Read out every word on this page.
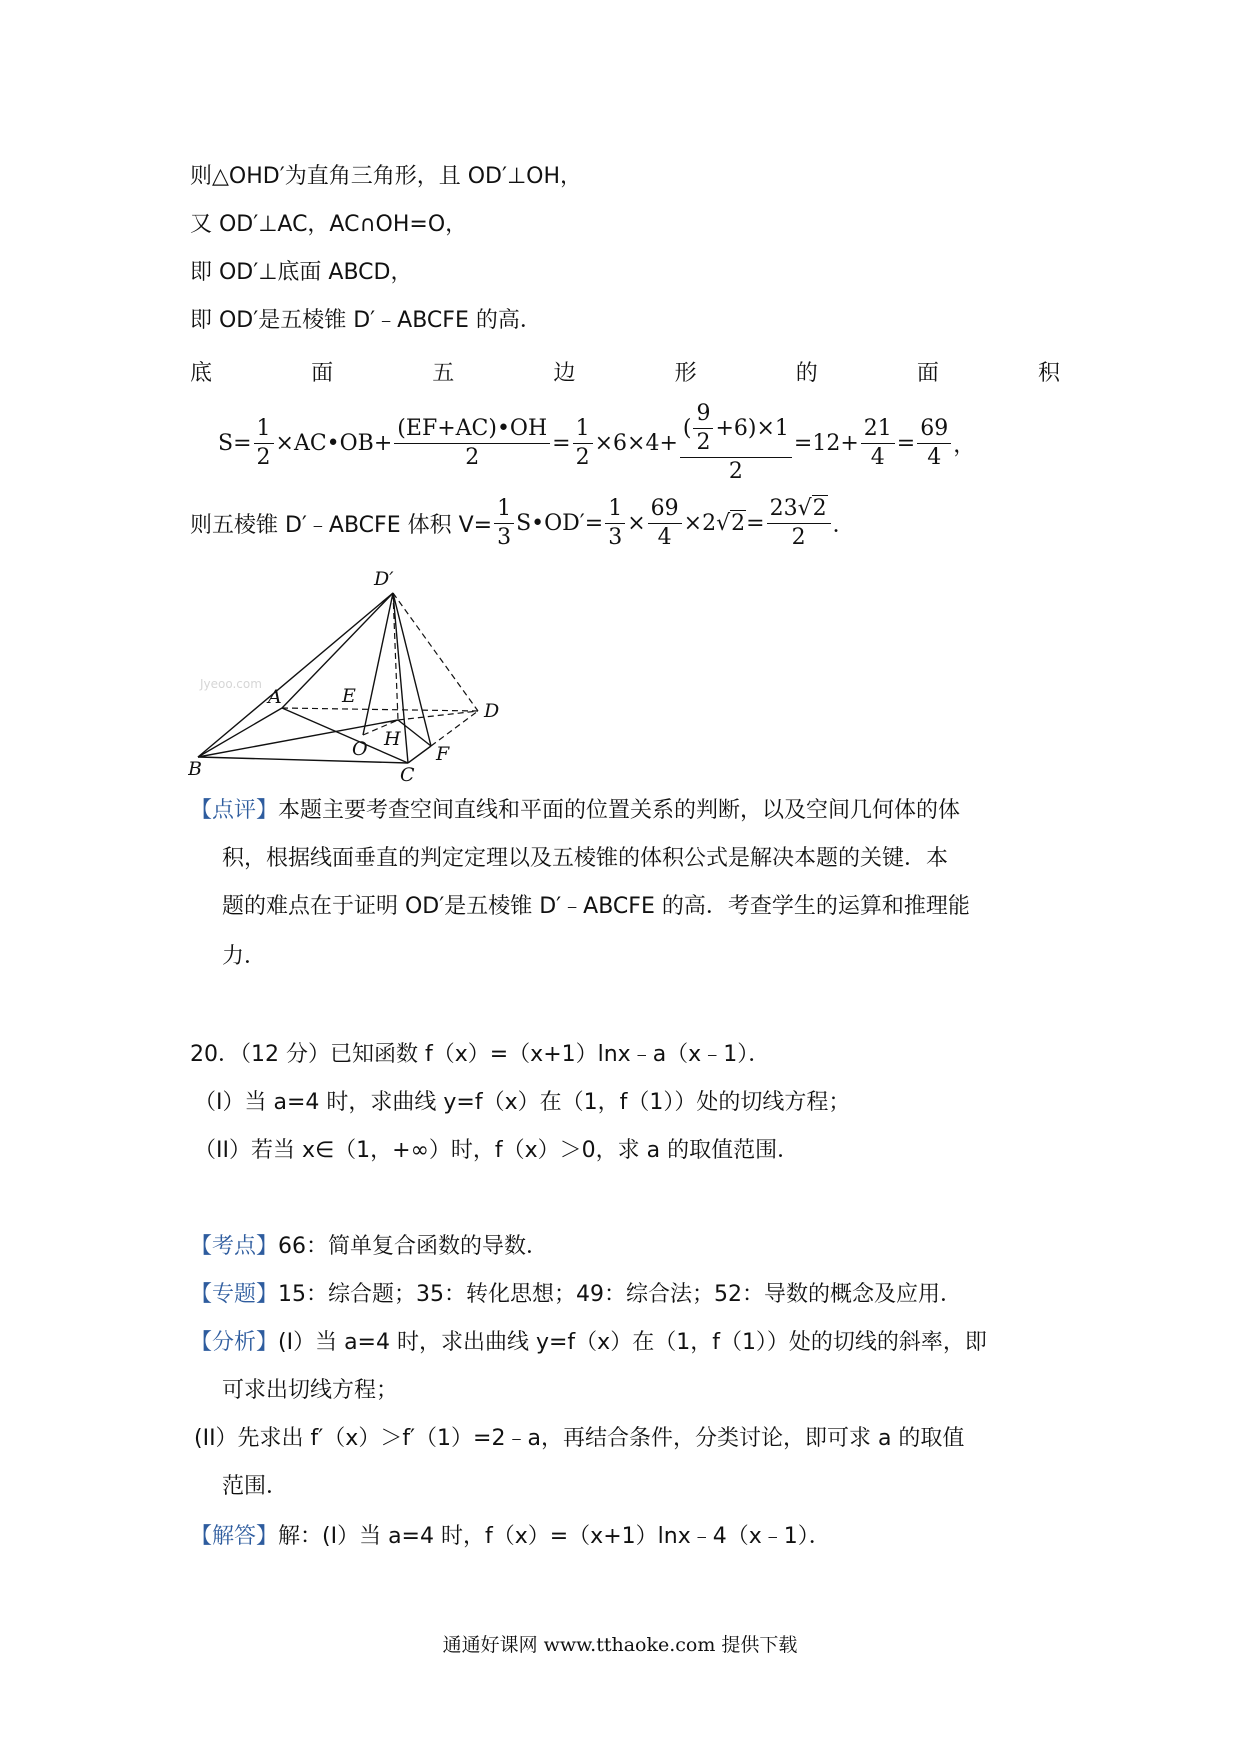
则△OHD′为直角三角形，且 OD′⊥OH，
又 OD′⊥AC，AC∩OH=O，
即 OD′⊥底面 ABCD，
即 OD′是五棱锥 D′﹣ABCFE 的高．
底	面	五	边	形	的	面	积
$S= \frac{1}{2}$ ×AC•OB+ $\frac{(EF+AC)•OH}{2} = \frac{1}{2} \times 6\times 4+ \frac{( \frac{9}{2} +6)\times 1}{2} =12+ \frac{21}{4} = \frac{69}{4}$ ，
则五棱锥 D′﹣ABCFE 体积 $V= \frac{1}{3}$ S•OD′= $\frac{1}{3} \times \frac{69}{4} \times 2$ $√2 = \frac{23√2}{2}$ ．
D′
A	E
D
O H
B	C
F
Jyeoo.com
【点评】本题主要考查空间直线和平面的位置关系的判断，以及空间几何体的体
积，根据线面垂直的判定定理以及五棱锥的体积公式是解决本题的关键．本
题的难点在于证明 OD′是五棱锥 D′﹣ABCFE 的高．考查学生的运算和推理能
力．
20．（12 分）已知函数 f（x）=（x+1）lnx﹣a（x﹣1）．
（I）当 a=4 时，求曲线 y=f（x）在（1，f（1））处的切线方程；
（II）若当 x∈（1，+∞）时，f（x）＞0，求 a 的取值范围．
【考点】66：简单复合函数的导数．
【专题】15：综合题；35：转化思想；49：综合法；52：导数的概念及应用．
【分析】(I）当 a=4 时，求出曲线 y=f（x）在（1，f（1））处的切线的斜率，即
可求出切线方程；
(II）先求出 f′（x）＞f′（1）=2﹣a，再结合条件，分类讨论，即可求 a 的取值
范围．
【解答】解：(I）当 a=4 时，f（x）=（x+1）lnx﹣4（x﹣1）．
通通好课网 www.tthaoke.com 提供下载
